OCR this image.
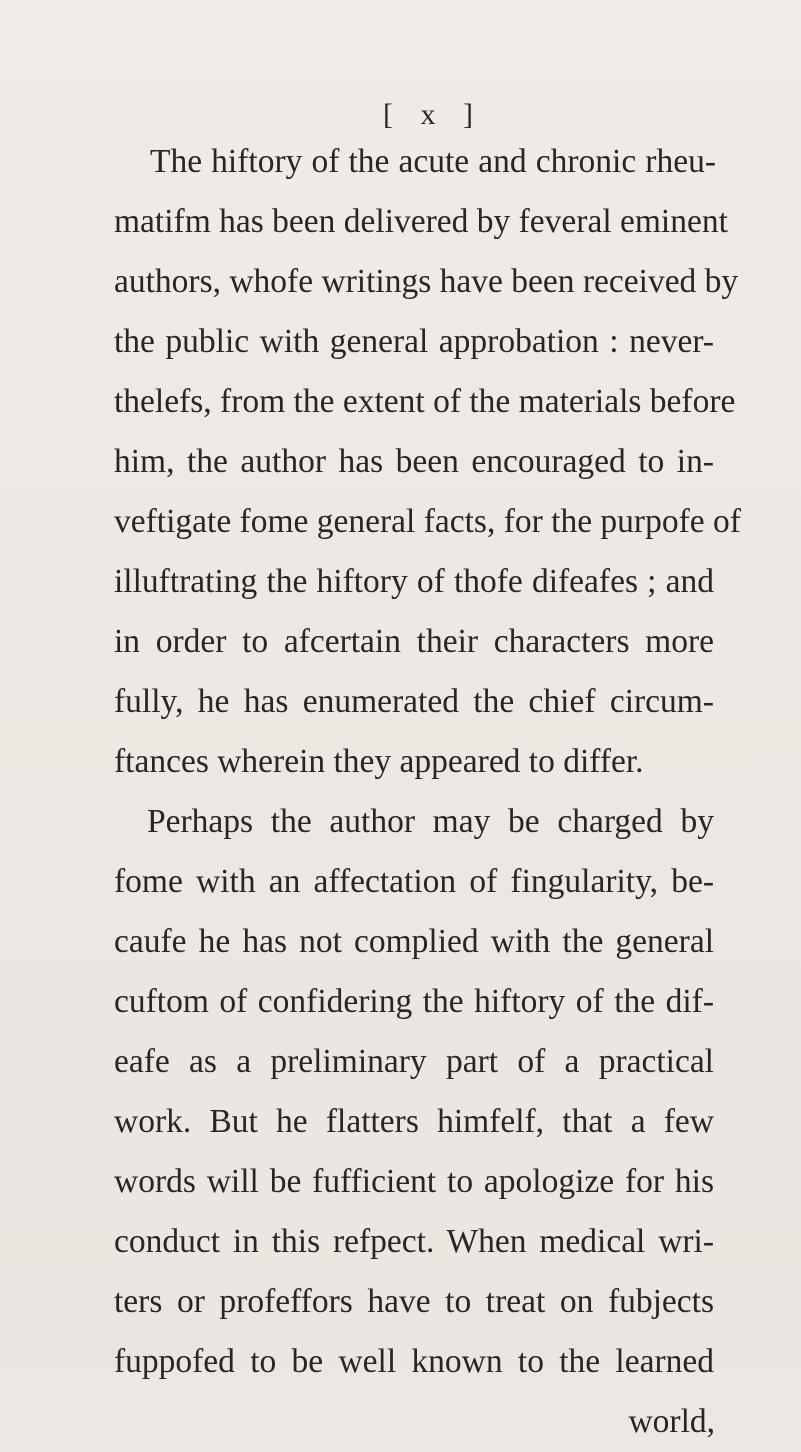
[ x ]
The hiftory of the acute and chronic rheu-
matifm has been delivered by feveral eminent
authors, whofe writings have been received by
the public with general approbation : never-
thelefs, from the extent of the materials before
him, the author has been encouraged to in-
veftigate fome general facts, for the purpofe of
illuftrating the hiftory of thofe difeafes ; and
in order to afcertain their characters more
fully, he has enumerated the chief circum-
ftances wherein they appeared to differ.
Perhaps the author may be charged by
fome with an affectation of fingularity, be-
caufe he has not complied with the general
cuftom of confidering the hiftory of the dif-
eafe as a preliminary part of a practical
work. But he flatters himfelf, that a few
words will be fufficient to apologize for his
conduct in this refpect. When medical wri-
ters or profeffors have to treat on fubjects
fuppofed to be well known to the learned
world,
